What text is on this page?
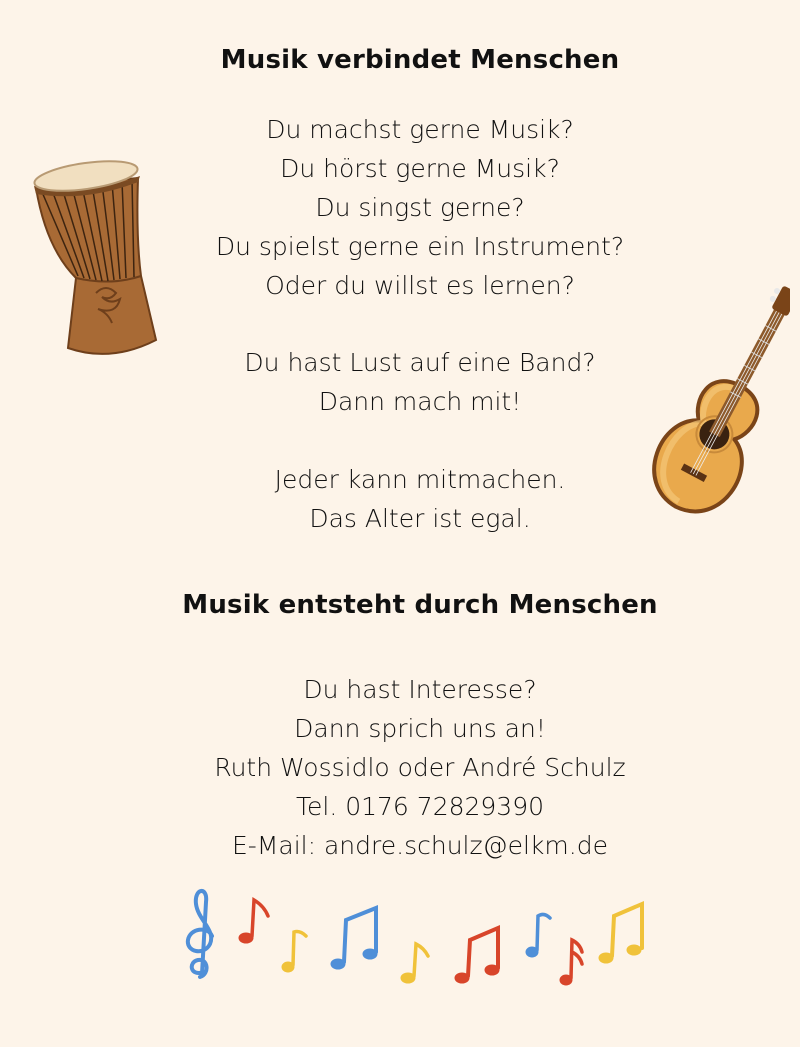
Musik verbindet Menschen
Du machst gerne Musik?
Du hörst gerne Musik?
Du singst gerne?
Du spielst gerne ein Instrument?
Oder du willst es lernen?
Du hast Lust auf eine Band?
Dann mach mit!
Jeder kann mitmachen.
Das Alter ist egal.
Musik entsteht durch Menschen
Du hast Interesse?
Dann sprich uns an!
Ruth Wossidlo oder André Schulz
Tel. 0176 72829390
E-Mail: andre.schulz@elkm.de
